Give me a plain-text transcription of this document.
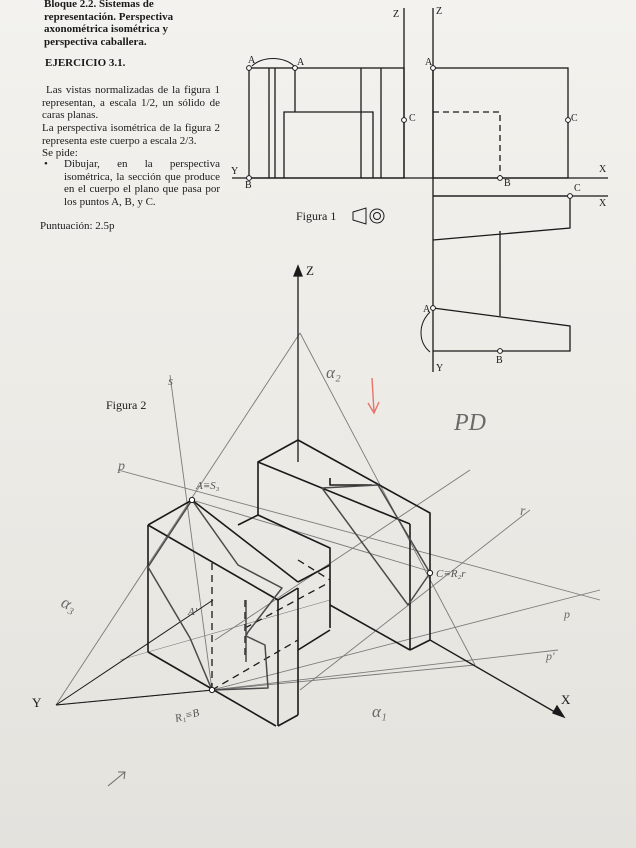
Bloque 2.2. Sistemas de representación. Perspectiva axonométrica isométrica y perspectiva caballera.
EJERCICIO 3.1.
Las vistas normalizadas de la figura 1 representan, a escala 1/2, un sólido de caras planas.
La perspectiva isométrica de la figura 2 representa este cuerpo a escala 2/3.
Se pide:
• Dibujar, en la perspectiva isométrica, la sección que produce en el cuerpo el plano que pasa por los puntos A, B, y C.
Puntuación: 2.5p
Figura 1
Figura 2
Z	Z
Y
Y
X
X
A	A	A
A
B	B
B
C	C
C
Z
Y	X
A≡S₃
C≡R₂r
R₁≡B
A'
PD
α₂
α₃
α₁
s
p
r
p
p'
